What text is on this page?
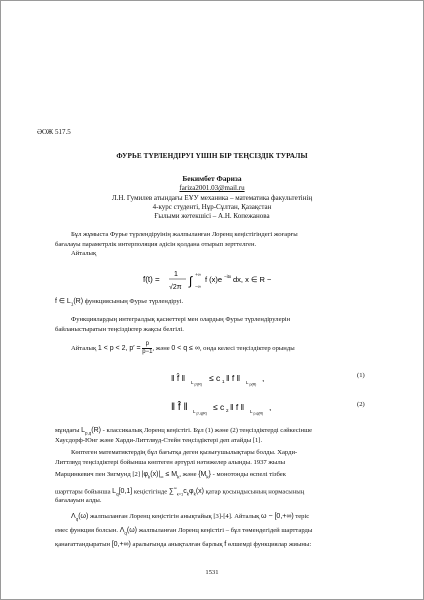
ӘОЖ 517.5
ФУРЬЕ ТҮРЛЕНДІРУІ ҮШІН БІР ТЕҢСІЗДІК ТУРАЛЫ
Бекимбет Фариза
fariza2001.03@mail.ru
Л.Н. Гумилев атындағы ЕҰУ механика – математика факультетінің
4-курс студенті, Нұр-Сұлтан, Қазақстан
Ғылыми жетекшісі – А.Н. Копежанова
Бұл жұмыста Фурье түрлендіруінің жалпыланған Лоренц кеңістігіндегі жоғарғы
бағалауы параметрлік интерполяция әдісін қолдана отырып зерттелген.
Айталық
f(t) =
1
√2π ∫ +∞
−∞
f (x)e −itx dx, x ∈ R −
f ∈ $L_1(R)$ функциясының Фурье түрлендіруі.
Функциялардың интегралдық қасиеттері мен олардың Фурье түрлендірулерін
байланыстыратын теңсіздіктер жақсы белгілі.
Айталық 1 < p < 2, $p' = \frac{p}{p-1}$ , жəне 0 < q ≤ ∞, онда келесі теңсіздіктер орынды
‖ f̂ ‖ L p′(R)
≤ c 1 ‖ f ‖ L p(R)
,	(1)
‖ f̂ ‖ L p′,q(R)
≤ c 2 ‖ f ‖ L p,q(R)
,	(2)
мұндағы $L_{p,q}(R)$ - классикалық Лоренц кеңістігі. Бұл (1) жəне (2) теңсіздіктерді сəйкесінше
Хаусдорф-Юнг жəне Харди-Литтлвуд-Стейн теңсіздіктері деп атайды [1].
Көптеген математиктердің бұл бағытқа деген қызығушылықтары болды. Харди-
Литтлвуд теңсіздіктері бойынша көптеген əртүрлі нəтижелер алынды. 1937 жылы
Марцинкевич пен Зигмунд [2] $|\varphi_k(x)|_\infty \le M_k$, жəне $\{M_k\}$ - монотонды өспелі тізбек
шарттары бойынша $L_q[0,1]$ кеңістігінде $\sum^\infty_{k=1}c_k\varphi_k(x)$ қатар қосындысының нормасының
бағалауын алды.
$\Lambda_q(\omega)$ жалпыланған Лоренц кеңістігін анықтайық [3]-[4]. Айталық ω − [0,+∞) теріс
емес функция болсын. $\Lambda_q(\omega)$ жалпыланған Лоренц кеңістігі – бұл төмендегідей шарттарды
қанағаттандыратын [0,+∞) аралығында анықталған барлық f өлшемді функциялар жиыны:
1531
